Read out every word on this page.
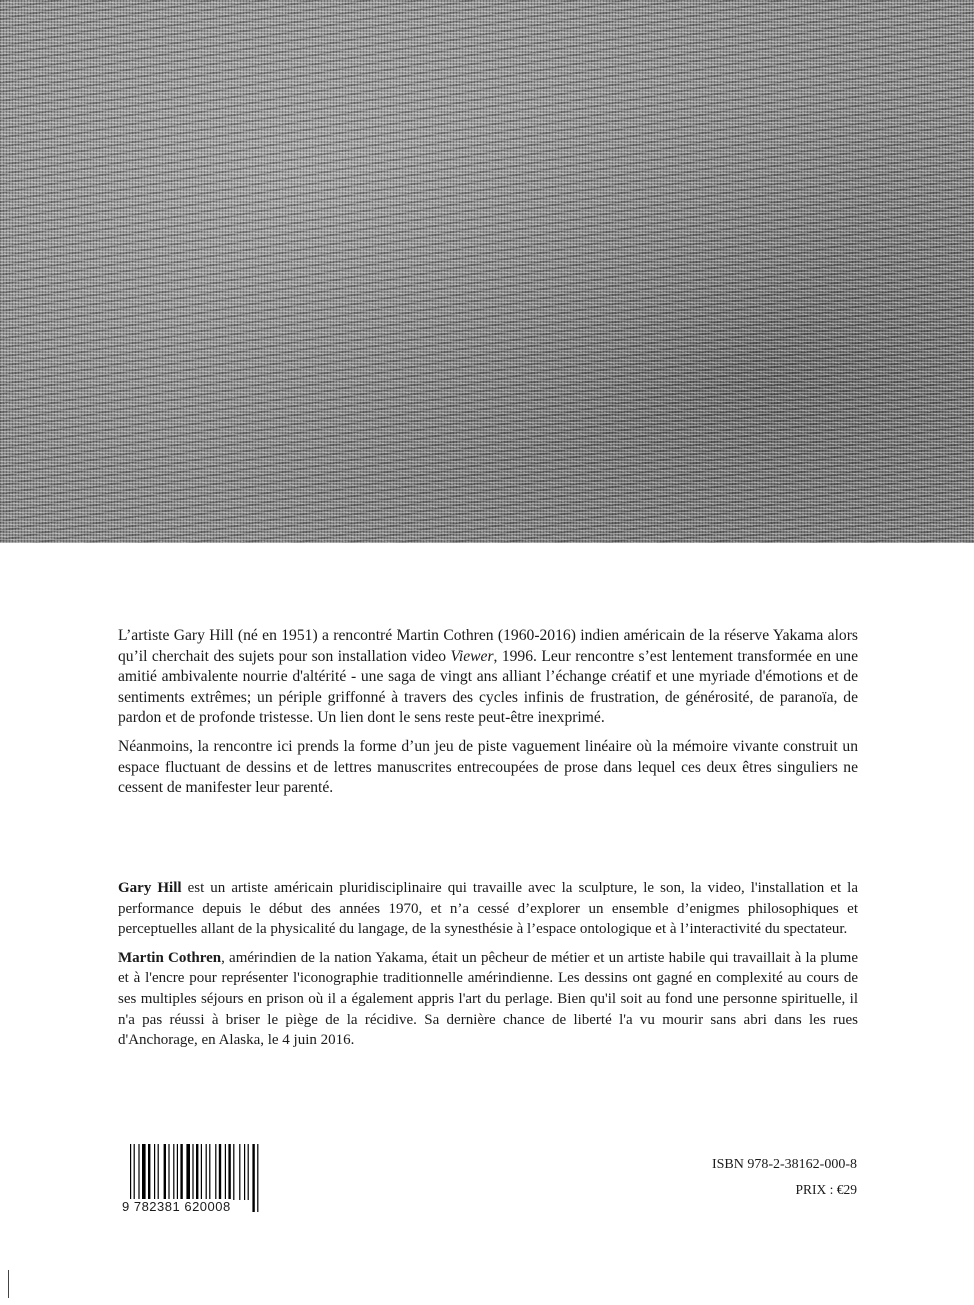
L’artiste Gary Hill (né en 1951) a rencontré Martin Cothren (1960-2016) indien américain de la réserve Yakama alors qu’il cherchait des sujets pour son installation video Viewer, 1996. Leur rencontre s’est lentement transformée en une amitié ambivalente nourrie d'altérité - une saga de vingt ans alliant l’échange créatif et une myriade d'émotions et de sentiments extrêmes; un périple griffonné à travers des cycles infinis de frustration, de générosité, de paranoïa, de pardon et de profonde tristesse. Un lien dont le sens reste peut-être inexprimé.

Néanmoins, la rencontre ici prends la forme d’un jeu de piste vaguement linéaire où la mémoire vivante construit un espace fluctuant de dessins et de lettres manuscrites entrecoupées de prose dans lequel ces deux êtres singuliers ne cessent de manifester leur parenté.

Gary Hill est un artiste américain pluridisciplinaire qui travaille avec la sculpture, le son, la video, l'installation et la performance depuis le début des années 1970, et n’a cessé d’explorer un ensemble d’enigmes philosophiques et perceptuelles allant de la physicalité du langage, de la synesthésie à l’espace ontologique et à l’interactivité du spectateur.

Martin Cothren, amérindien de la nation Yakama, était un pêcheur de métier et un artiste habile qui travaillait à la plume et à l'encre pour représenter l'iconographie traditionnelle amérindienne. Les dessins ont gagné en complexité au cours de ses multiples séjours en prison où il a également appris l'art du perlage. Bien qu'il soit au fond une personne spirituelle, il n'a pas réussi à briser le piège de la récidive. Sa dernière chance de liberté l'a vu mourir sans abri dans les rues d'Anchorage, en Alaska, le 4 juin 2016.

9 782381 620008
ISBN 978-2-38162-000-8
PRIX : €29
